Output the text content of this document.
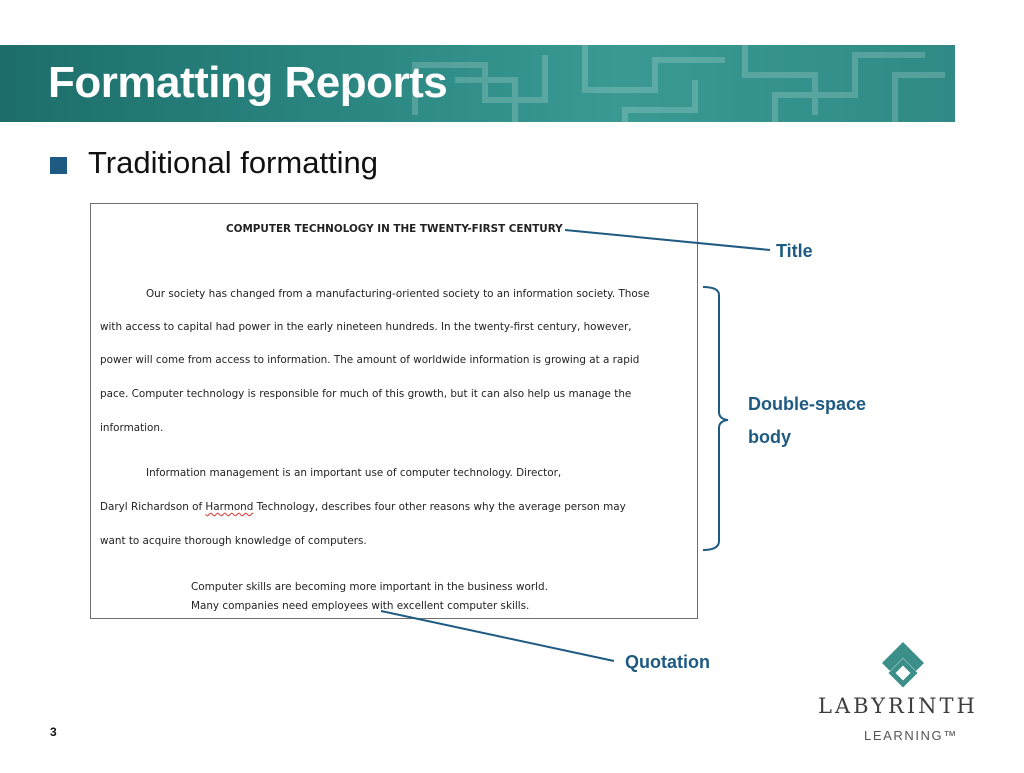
Formatting Reports
Traditional formatting
COMPUTER TECHNOLOGY IN THE TWENTY-FIRST CENTURY
Our society has changed from a manufacturing-oriented society to an information society. Those
with access to capital had power in the early nineteen hundreds. In the twenty-first century, however,
power will come from access to information. The amount of worldwide information is growing at a rapid
pace. Computer technology is responsible for much of this growth, but it can also help us manage the
information.
Information management is an important use of computer technology. Director,
Daryl Richardson of Harmond Technology, describes four other reasons why the average person may
want to acquire thorough knowledge of computers.
Computer skills are becoming more important in the business world.
Many companies need employees with excellent computer skills.
Title
Double-space
body
Quotation
LABYRINTH
LEARNING™
3
